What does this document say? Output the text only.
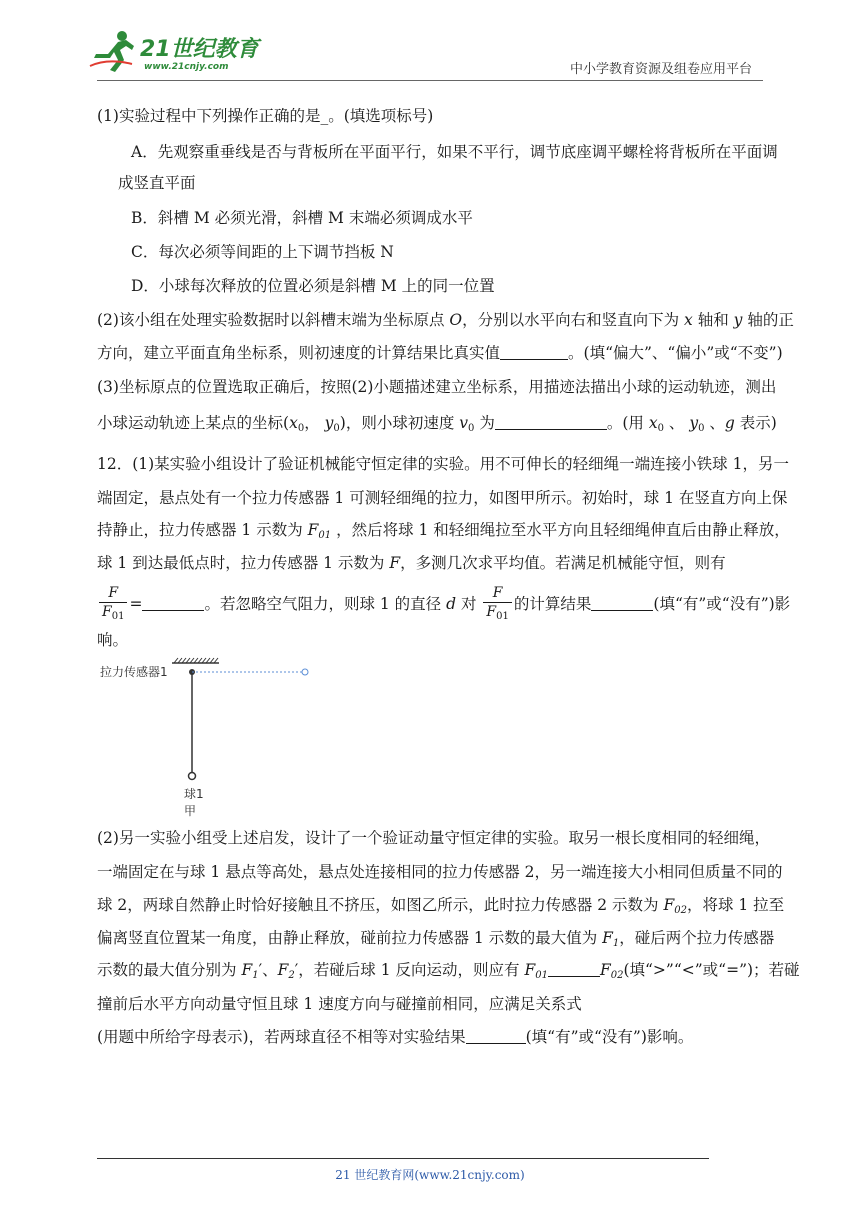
21世纪教育
www.21cnjy.com	中小学教育资源及组卷应用平台
(1)实验过程中下列操作正确的是_。(填选项标号)
A．先观察重垂线是否与背板所在平面平行，如果不平行，调节底座调平螺栓将背板所在平面调
成竖直平面
B．斜槽 M 必须光滑，斜槽 M 末端必须调成水平
C．每次必须等间距的上下调节挡板 N
D．小球每次释放的位置必须是斜槽 M 上的同一位置
(2)该小组在处理实验数据时以斜槽末端为坐标原点 O，分别以水平向右和竖直向下为 x 轴和 y 轴的正
方向，建立平面直角坐标系，则初速度的计算结果比真实值	。(填“偏大”、“偏小”或“不变”)
(3)坐标原点的位置选取正确后，按照(2)小题描述建立坐标系，用描迹法描出小球的运动轨迹，测出
小球运动轨迹上某点的坐标($x_0$， $y_0$)，则小球初速度 $v_0$ 为	。(用 $x_0$ 、 $y_0$ 、g 表示)
12．(1)某实验小组设计了验证机械能守恒定律的实验。用不可伸长的轻细绳一端连接小铁球 1，另一
端固定，悬点处有一个拉力传感器 1 可测轻细绳的拉力，如图甲所示。初始时，球 1 在竖直方向上保
持静止，拉力传感器 1 示数为 $F_{01}$ ，然后将球 1 和轻细绳拉至水平方向且轻细绳伸直后由静止释放，
球 1 到达最低点时，拉力传感器 1 示数为 F，多测几次求平均值。若满足机械能守恒，则有
$\frac{F}{F_{01}}$ =	。若忽略空气阻力，则球 1 的直径 d 对 $\frac{F}{F_{01}}$ 的计算结果	(填“有”或“没有”)影
响。
拉力传感器1
球1
甲
(2)另一实验小组受上述启发，设计了一个验证动量守恒定律的实验。取另一根长度相同的轻细绳，
一端固定在与球 1 悬点等高处，悬点处连接相同的拉力传感器 2，另一端连接大小相同但质量不同的
球 2，两球自然静止时恰好接触且不挤压，如图乙所示，此时拉力传感器 2 示数为 $F_{02}$，将球 1 拉至
偏离竖直位置某一角度，由静止释放，碰前拉力传感器 1 示数的最大值为 $F_1$，碰后两个拉力传感器
示数的最大值分别为 $F_1'$、$F_2'$，若碰后球 1 反向运动，则应有 $F_{01}$	$F_{02}$(填“>”“<”或“=”)；若碰
撞前后水平方向动量守恒且球 1 速度方向与碰撞前相同，应满足关系式
(用题中所给字母表示)，若两球直径不相等对实验结果	(填“有”或“没有”)影响。
21 世纪教育网(www.21cnjy.com)
